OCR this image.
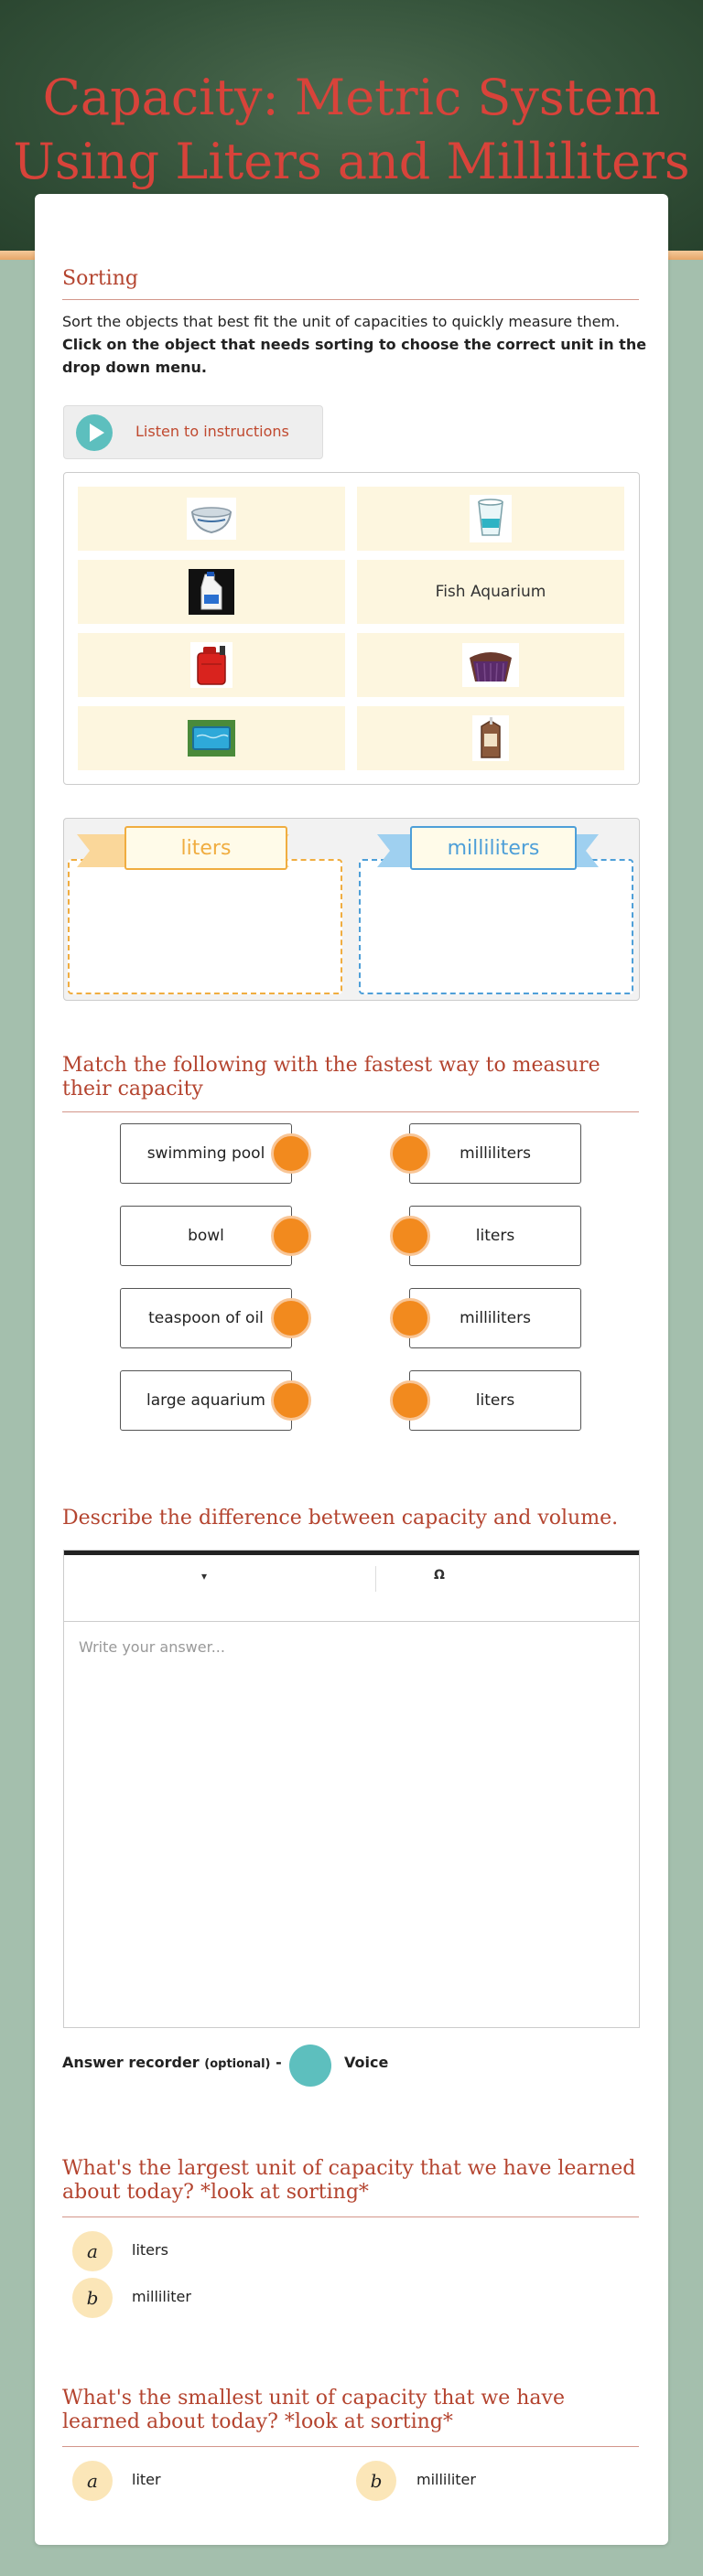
Capacity: Metric System Using Liters and Milliliters
Sorting

Sort the objects that best fit the unit of capacities to quickly measure them.
Click on the object that needs sorting to choose the correct unit in the drop down menu.

Listen to instructions
Fish Aquarium
liters	milliliters
Match the following with the fastest way to measure their capacity
swimming pool	milliliters
bowl	liters
teaspoon of oil	milliliters
large aquarium	liters
Describe the difference between capacity and volume.
▾	Ω
Write your answer...
Answer recorder (optional) -	Voice
What's the largest unit of capacity that we have learned about today? *look at sorting*
a	liters
b	milliliter
What's the smallest unit of capacity that we have learned about today? *look at sorting*
a	liter	b	milliliter
